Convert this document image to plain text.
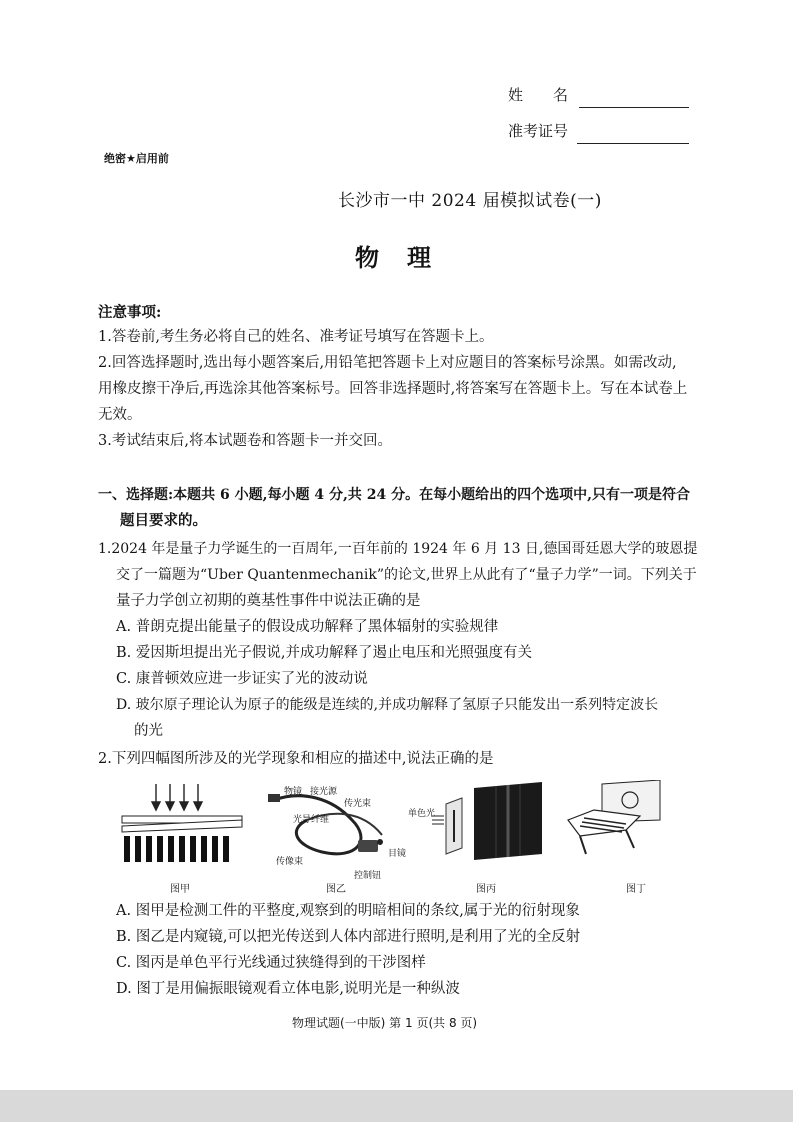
姓　　名
准考证号
绝密★启用前
长沙市一中 2024 届模拟试卷(一)
物　理
注意事项:
1.答卷前,考生务必将自己的姓名、准考证号填写在答题卡上。
2.回答选择题时,选出每小题答案后,用铅笔把答题卡上对应题目的答案标号涂黑。如需改动,
用橡皮擦干净后,再选涂其他答案标号。回答非选择题时,将答案写在答题卡上。写在本试卷上
无效。
3.考试结束后,将本试题卷和答题卡一并交回。
一、选择题:本题共 6 小题,每小题 4 分,共 24 分。在每小题给出的四个选项中,只有一项是符合
题目要求的。
1.2024 年是量子力学诞生的一百周年,一百年前的 1924 年 6 月 13 日,德国哥廷恩大学的玻恩提
交了一篇题为“Uber Quantenmechanik”的论文,世界上从此有了“量子力学”一词。下列关于
量子力学创立初期的奠基性事件中说法正确的是
A. 普朗克提出能量子的假设成功解释了黑体辐射的实验规律
B. 爱因斯坦提出光子假说,并成功解释了遏止电压和光照强度有关
C. 康普顿效应进一步证实了光的波动说
D. 玻尔原子理论认为原子的能级是连续的,并成功解释了氢原子只能发出一系列特定波长
的光
2.下列四幅图所涉及的光学现象和相应的描述中,说法正确的是
图甲
物镜 接光源
传光束
光导纤维
传像束
目镜
控制钮
图乙
单色光
图丙	图丁
A. 图甲是检测工件的平整度,观察到的明暗相间的条纹,属于光的衍射现象
B. 图乙是内窥镜,可以把光传送到人体内部进行照明,是利用了光的全反射
C. 图丙是单色平行光线通过狭缝得到的干涉图样
D. 图丁是用偏振眼镜观看立体电影,说明光是一种纵波
物理试题(一中版) 第 1 页(共 8 页)
